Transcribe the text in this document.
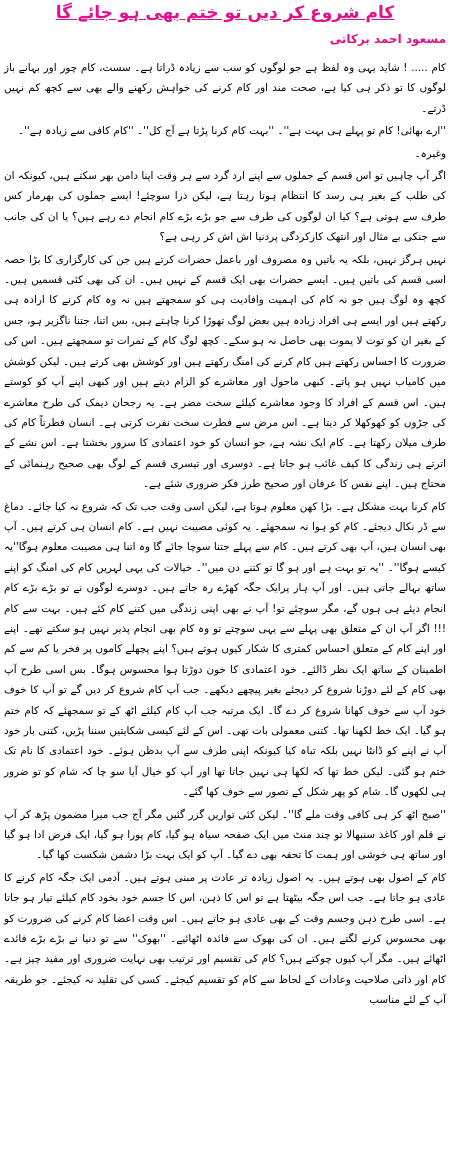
کام شروع کر دیں تو ختم بھی ہو جائے گا
مسعود احمد برکاتی

کام ..... ! شاید یہی وہ لفظ ہے جو لوگوں کو سب سے زیادہ ڈراتا ہے۔ سست، کام چور اور بہانے باز لوگوں کا تو ذکر ہی کیا ہے، صحت مند اور کام کرنے کی خواہش رکھنے والے بھی سے کچھ کم نہیں ڈرتے۔

''ارے بھائی! کام تو پہلے ہی بہت ہے''۔ ''بہت کام کرنا پڑتا ہے آج کل''۔ ''کام کافی سے زیادہ ہے''۔

وغیرہ۔

اگر آپ چاہیں تو اس قسم کے جملوں سے اپنے ارد گرد سے ہر وقت اپنا دامن بھر سکتے ہیں، کیونکہ ان کی طلب کے بغیر ہی رسد کا انتظام ہوتا رہتا ہے، لیکن ذرا سوچئے! ایسے جملوں کی بھرمار کس طرف سے ہوتی ہے؟ کیا ان لوگوں کی طرف سے جو بڑے بڑے کام انجام دے رہے ہیں؟ یا ان کی جانب سے جنکی بے مثال اور انتھک کارکردگی پردنیا اش اش کر رہی ہے؟

نہیں ہرگز نہیں، بلکہ یہ باتیں وہ مصروف اور باعمل حضرات کرتے ہیں جن کی کارگزاری کا بڑا حصہ اسی قسم کی باتیں ہیں۔ ایسے حضرات بھی ایک قسم کے نہیں ہیں۔ ان کی بھی کئی قسمیں ہیں۔ کچھ وہ لوگ ہیں جو نہ کام کی اہمیت وافادیت ہی کو سمجھتے ہیں نہ وہ کام کرنے کا ارادہ ہی رکھتے ہیں اور ایسے ہی افراد زیادہ ہیں بعض لوگ تھوڑا کرنا چاہتے ہیں، بس اتنا، جتنا ناگزیر ہو، جس کے بغیر ان کو توت لا یموت بھی حاصل نہ ہو سکے۔ کچھ لوگ کام کے ثمرات تو سمجھتے ہیں۔ اس کی ضرورت کا احساس رکھتے ہیں کام کرنے کی امنگ رکھتے ہیں اور کوشش بھی کرتے ہیں۔ لیکن کوشش میں کامیاب نہیں ہو پاتے۔ کبھی ماحول اور معاشرے کو الزام دیتے ہیں اور کبھی اپنے آپ کو کوستے ہیں۔ اس قسم کے افراد کا وجود معاشرے کیلئے سخت مضر ہے۔ یہ رجحان دیمک کی طرح معاشرے کی جڑوں کو کھوکھلا کر دیتا ہے۔ اس مرض سے فطرت سخت نفرت کرتی ہے۔ انسان فطرتاً کام کی طرف میلان رکھتا ہے۔ کام ایک نشہ ہے، جو انسان کو خود اعتمادی کا سرور بخشتا ہے۔ اس نشے کے اترتے ہی زندگی کا کیف غائب ہو جاتا ہے۔ دوسری اور تیسری قسم کے لوگ بھی صحیح رہنمائی کے محتاج ہیں۔ اپنے نفس کا عرفان اور صحیح طرز فکر ضروری شئے ہے۔

کام کرنا بہت مشکل ہے۔ بڑا کھن معلوم ہوتا ہے، لیکن اسی وقت جب تک کہ شروع نہ کیا جائے۔ دماغ سے ڈر نکال دیجئے۔ کام کو ہوا نہ سمجھئے۔ یہ کوئی مصیبت نہیں ہے۔ کام انسان ہی کرتے ہیں۔ آپ بھی انسان ہیں، آپ بھی کرتے ہیں۔ کام سے پہلے جتنا سوچا جائے گا وہ اتنا ہی مصیبت معلوم ہوگا''یہ کیسے ہوگا''۔ ''یہ تو بہت ہے اور ہو گا تو کتنے دن میں''۔ خیالات کی یہی لہریں کام کی امنگ کو اپنے ساتھ بہالے جاتی ہیں۔ اور آپ ہار پرایک جگہ کھڑے رہ جاتے ہیں۔ دوسرے لوگوں نے تو بڑے بڑے کام انجام دیئے ہی ہوں گے، مگر سوچئے تو! آپ نے بھی اپنی زندگی میں کتنے کام کئے ہیں۔ بہت سے کام !!! اگر آپ ان کے متعلق بھی پہلے سے یہی سوچتے تو وہ کام بھی انجام پذیر نہیں ہو سکتے تھے۔ اپنے اور اپنے کام کے متعلق احساس کمتری کا شکار کیوں ہوتے ہیں؟ اپنے پچھلے کاموں پر فخر یا کم سے کم اطمینان کے ساتھ ایک نظر ڈالئے۔ خود اعتمادی کا خون دوڑتا ہوا محسوس ہوگا۔ بس اسی طرح آپ بھی کام کے لئے دوڑنا شروع کر دیجئے بغیر پیچھے دیکھے۔ جب آپ کام شروع کر دیں گے تو آپ کا خوف خود آپ سے خوف کھانا شروع کر دے گا۔ ایک مرتبہ جب آپ کام کیلئے اٹھ کے تو سمجھئے کہ کام ختم ہو گیا۔ ایک خط لکھنا تھا۔ کتنی معمولی بات تھی۔ اس کے لئے کیسی شکایتیں سننا پڑیں، کتنی بار خود آپ نے اپنے کو ڈانٹا نہیں بلکہ تباہ کیا کیونکہ اپنی طرف سے آپ بدظن ہوئے۔ خود اعتمادی کا نام تک ختم ہو گئی۔ لیکن خط تھا کہ لکھا ہی نہیں جاتا تھا اور آپ کو خیال آیا سو چا کہ شام کو تو ضرور ہی لکھوں گا۔ شام کو پھر شکل کے تصور سے خوف کھا گئے۔

''صبح اٹھ کر ہی کافی وقت ملے گا''۔ لیکن کئی تواریں گزر گئیں مگر آج جب میرا مضمون پڑھ کر آپ نے قلم اور کاغذ سنبھالا تو چند منٹ میں ایک صفحہ سیاہ ہو گیا، کام پورا ہو گیا، ایک فرض ادا ہو گیا اور ساتھ ہی خوشی اور ہمت کا تحفہ بھی دے گیا۔ آپ کو ایک بہت بڑا دشمن شکست کھا گیا۔

کام کے اصول بھی ہوتے ہیں۔ یہ اصول زیادہ تر عادت پر مبنی ہوتے ہیں۔ آدمی ایک جگہ کام کرنے کا عادی ہو جاتا ہے۔ جب اس جگہ بیٹھتا ہے تو اس کا ذہن، اس کا جسم خود بخود کام کیلئے تیار ہو جاتا ہے۔ اسی طرح ذہن وجسم وقت کے بھی عادی ہو جاتے ہیں۔ اس وقت اعضا کام کرنے کی ضرورت کو بھی محسوس کرنے لگتے ہیں۔ ان کی بھوک سے فائدہ اٹھائیے۔ ''بھوک'' سے تو دنیا نے بڑے بڑے فائدے اٹھائے ہیں۔ مگر آپ کیوں چوکتے ہیں؟ کام کی تقسیم اور ترتیب بھی نہایت ضروری اور مفید چیز ہے۔ کام اور ذاتی صلاحیت وعادات کے لحاظ سے کام کو تقسیم کیجئے۔ کسی کی تقلید نہ کیجئے۔ جو طریقہ آپ کے لئے مناسب
